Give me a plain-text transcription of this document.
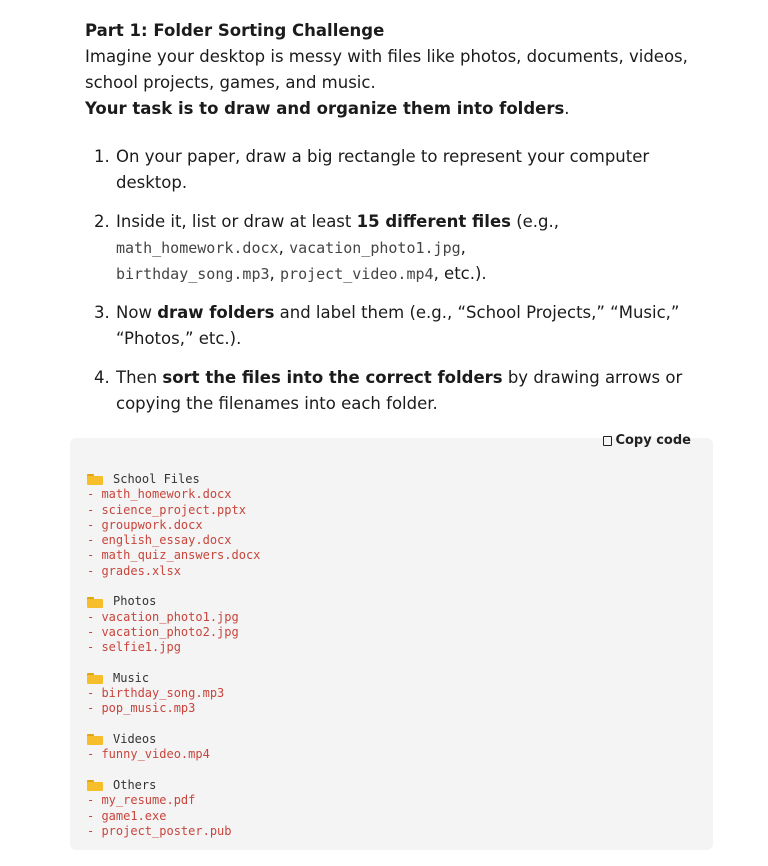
Part 1: Folder Sorting Challenge

Imagine your desktop is messy with files like photos, documents, videos, school projects, games, and music.

Your task is to draw and organize them into folders.

1. On your paper, draw a big rectangle to represent your computer desktop.
2. Inside it, list or draw at least 15 different files (e.g.,
math_homework.docx, vacation_photo1.jpg,
birthday_song.mp3, project_video.mp4, etc.).
3. Now draw folders and label them (e.g., “School Projects,” “Music,” “Photos,” etc.).
4. Then sort the files into the correct folders by drawing arrows or copying the filenames into each folder.
Copy code
School Files
- math_homework.docx
- science_project.pptx
- groupwork.docx
- english_essay.docx
- math_quiz_answers.docx
- grades.xlsx
Photos
- vacation_photo1.jpg
- vacation_photo2.jpg
- selfie1.jpg
Music
- birthday_song.mp3
- pop_music.mp3
Videos
- funny_video.mp4
Others
- my_resume.pdf
- game1.exe
- project_poster.pub
